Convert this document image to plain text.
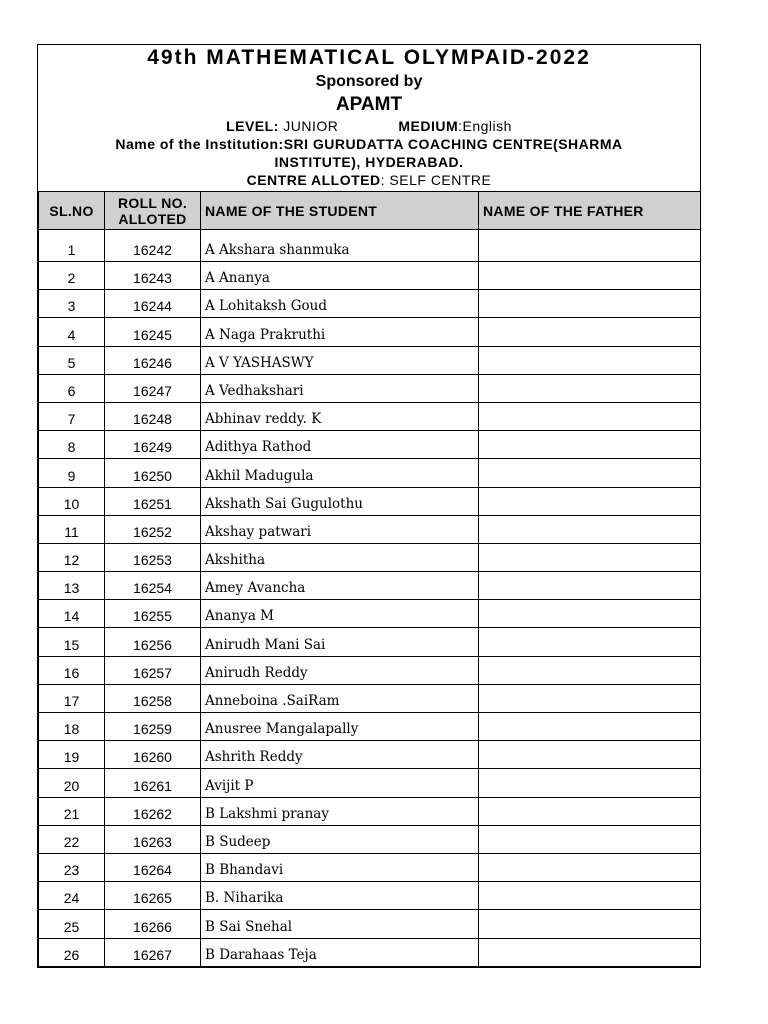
49th MATHEMATICAL OLYMPAID-2022
Sponsored by
APAMT
LEVEL: JUNIOR	MEDIUM:English
Name of the Institution:SRI GURUDATTA COACHING CENTRE(SHARMA
INSTITUTE), HYDERABAD.
CENTRE ALLOTED: SELF CENTRE
SL.NO	ROLL NO.
ALLOTED	NAME OF THE STUDENT	NAME OF THE FATHER
1	16242	A Akshara shanmuka	
2	16243	A Ananya	
3	16244	A Lohitaksh Goud	
4	16245	A Naga Prakruthi	
5	16246	A V YASHASWY	
6	16247	A Vedhakshari	
7	16248	Abhinav reddy. K	
8	16249	Adithya Rathod	
9	16250	Akhil Madugula	
10	16251	Akshath Sai Gugulothu	
11	16252	Akshay patwari	
12	16253	Akshitha	
13	16254	Amey Avancha	
14	16255	Ananya M	
15	16256	Anirudh Mani Sai	
16	16257	Anirudh Reddy	
17	16258	Anneboina .SaiRam	
18	16259	Anusree Mangalapally	
19	16260	Ashrith Reddy	
20	16261	Avijit P	
21	16262	B Lakshmi pranay	
22	16263	B Sudeep	
23	16264	B Bhandavi	
24	16265	B. Niharika	
25	16266	B Sai Snehal	
26	16267	B Darahaas Teja	
